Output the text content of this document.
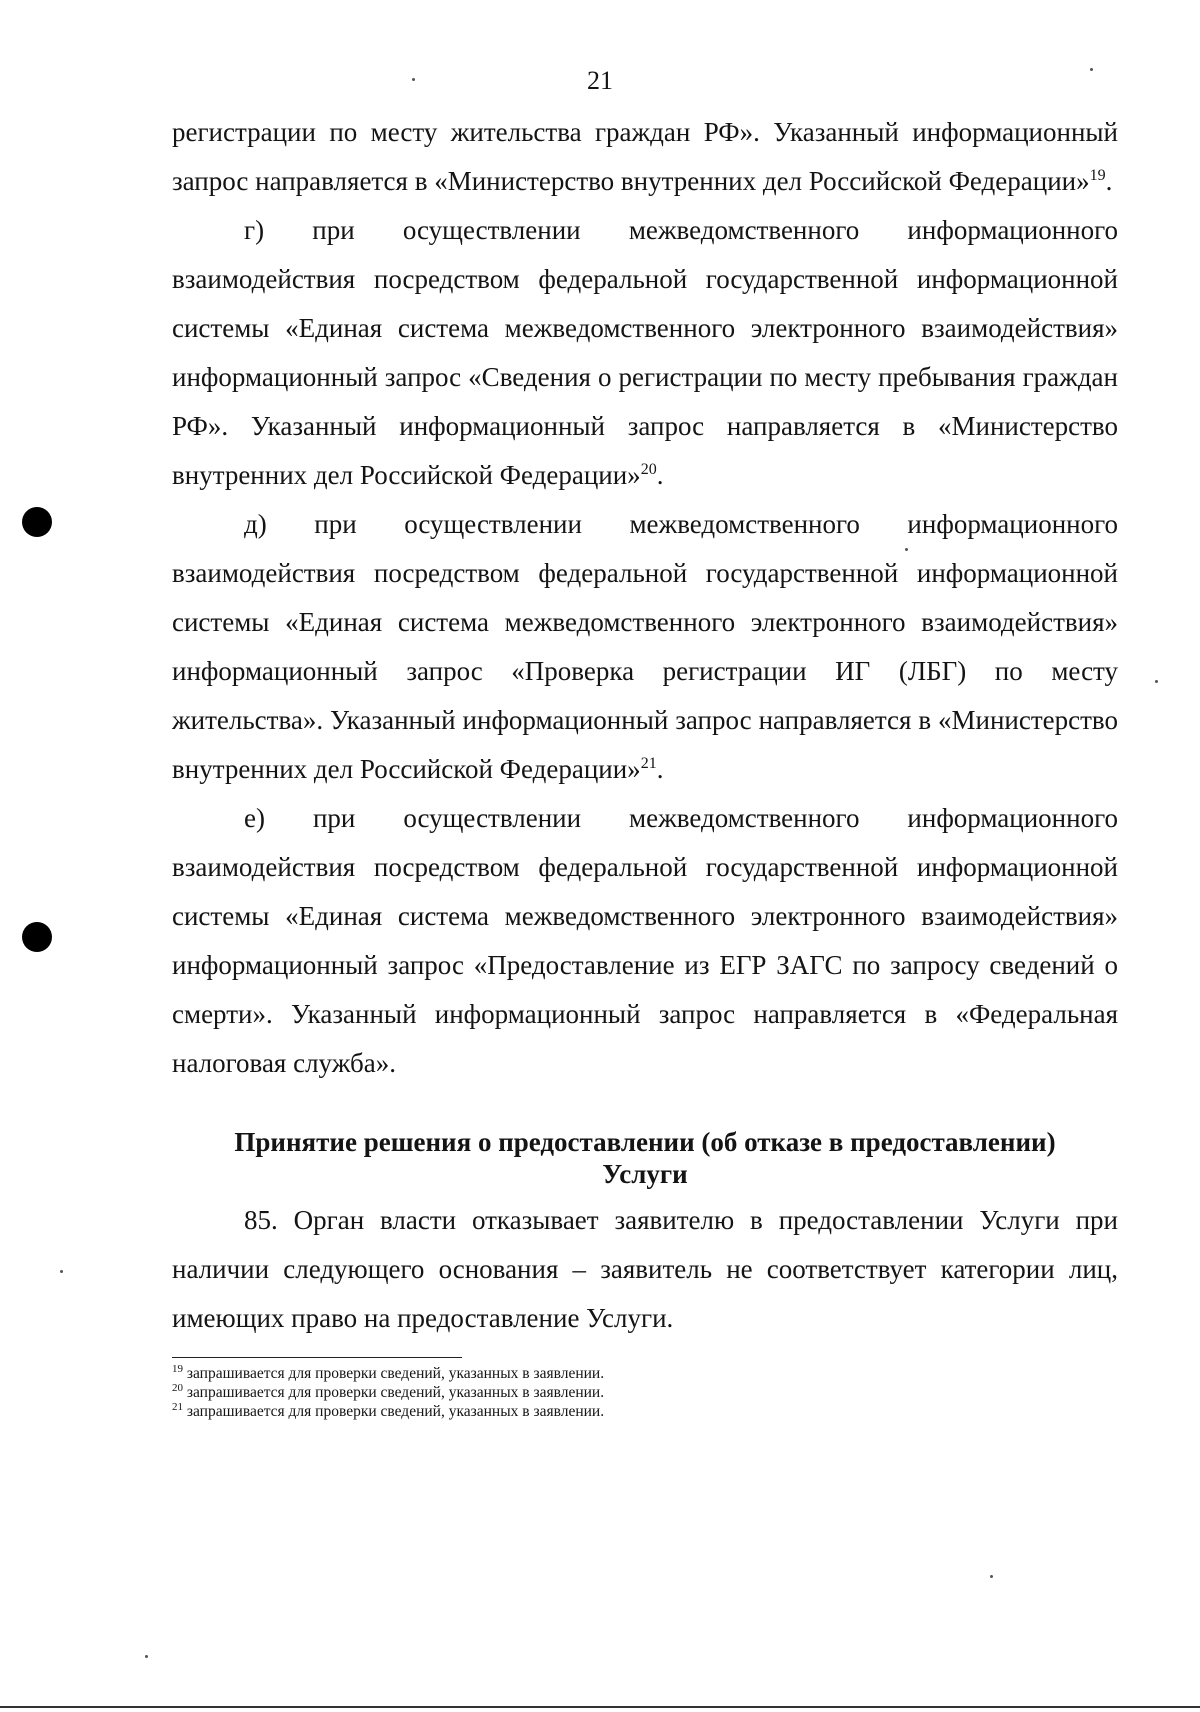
21

регистрации по месту жительства граждан РФ». Указанный информационный запрос направляется в «Министерство внутренних дел Российской Федерации»$^{19}$.

г) при осуществлении межведомственного информационного взаимодействия посредством федеральной государственной информационной системы «Единая система межведомственного электронного взаимодействия» информационный запрос «Сведения о регистрации по месту пребывания граждан РФ». Указанный информационный запрос направляется в «Министерство внутренних дел Российской Федерации»$^{20}$.

д) при осуществлении межведомственного информационного взаимодействия посредством федеральной государственной информационной системы «Единая система межведомственного электронного взаимодействия» информационный запрос «Проверка регистрации ИГ (ЛБГ) по месту жительства». Указанный информационный запрос направляется в «Министерство внутренних дел Российской Федерации»$^{21}$.

е) при осуществлении межведомственного информационного взаимодействия посредством федеральной государственной информационной системы «Единая система межведомственного электронного взаимодействия» информационный запрос «Предоставление из ЕГР ЗАГС по запросу сведений о смерти». Указанный информационный запрос направляется в «Федеральная налоговая служба».

Принятие решения о предоставлении (об отказе в предоставлении)
Услуги

85. Орган власти отказывает заявителю в предоставлении Услуги при наличии следующего основания – заявитель не соответствует категории лиц, имеющих право на предоставление Услуги.

$^{19}$ запрашивается для проверки сведений, указанных в заявлении.

$^{20}$ запрашивается для проверки сведений, указанных в заявлении.

$^{21}$ запрашивается для проверки сведений, указанных в заявлении.
